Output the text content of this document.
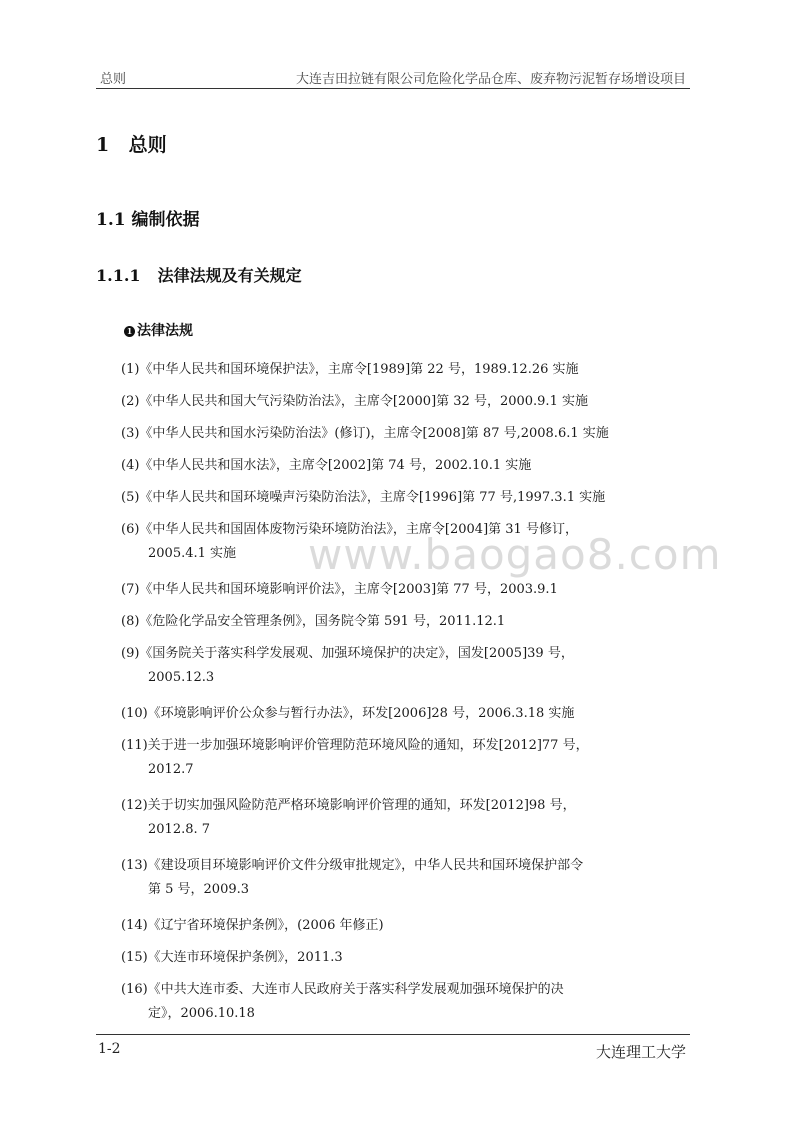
总则	大连吉田拉链有限公司危险化学品仓库、废弃物污泥暂存场增设项目
1 总则
1.1 编制依据
1.1.1 法律法规及有关规定
1 法律法规
(1)《中华人民共和国环境保护法》，主席令[1989]第 22 号，1989.12.26 实施
(2)《中华人民共和国大气污染防治法》，主席令[2000]第 32 号，2000.9.1 实施
(3)《中华人民共和国水污染防治法》(修订)，主席令[2008]第 87 号,2008.6.1 实施
(4)《中华人民共和国水法》，主席令[2002]第 74 号，2002.10.1 实施
(5)《中华人民共和国环境噪声污染防治法》，主席令[1996]第 77 号,1997.3.1 实施
(6)《中华人民共和国固体废物污染环境防治法》，主席令[2004]第 31 号修订，
2005.4.1 实施
(7)《中华人民共和国环境影响评价法》，主席令[2003]第 77 号，2003.9.1
(8)《危险化学品安全管理条例》，国务院令第 591 号，2011.12.1
(9)《国务院关于落实科学发展观、加强环境保护的决定》，国发[2005]39 号，
2005.12.3
(10)《环境影响评价公众参与暂行办法》，环发[2006]28 号，2006.3.18 实施
(11)关于进一步加强环境影响评价管理防范环境风险的通知，环发[2012]77 号，
2012.7
(12)关于切实加强风险防范严格环境影响评价管理的通知，环发[2012]98 号，
2012.8. 7
(13)《建设项目环境影响评价文件分级审批规定》，中华人民共和国环境保护部令
第 5 号，2009.3
(14)《辽宁省环境保护条例》，(2006 年修正)
(15)《大连市环境保护条例》，2011.3
(16)《中共大连市委、大连市人民政府关于落实科学发展观加强环境保护的决
定》，2006.10.18
www.baogao8.com
1-2	大连理工大学
